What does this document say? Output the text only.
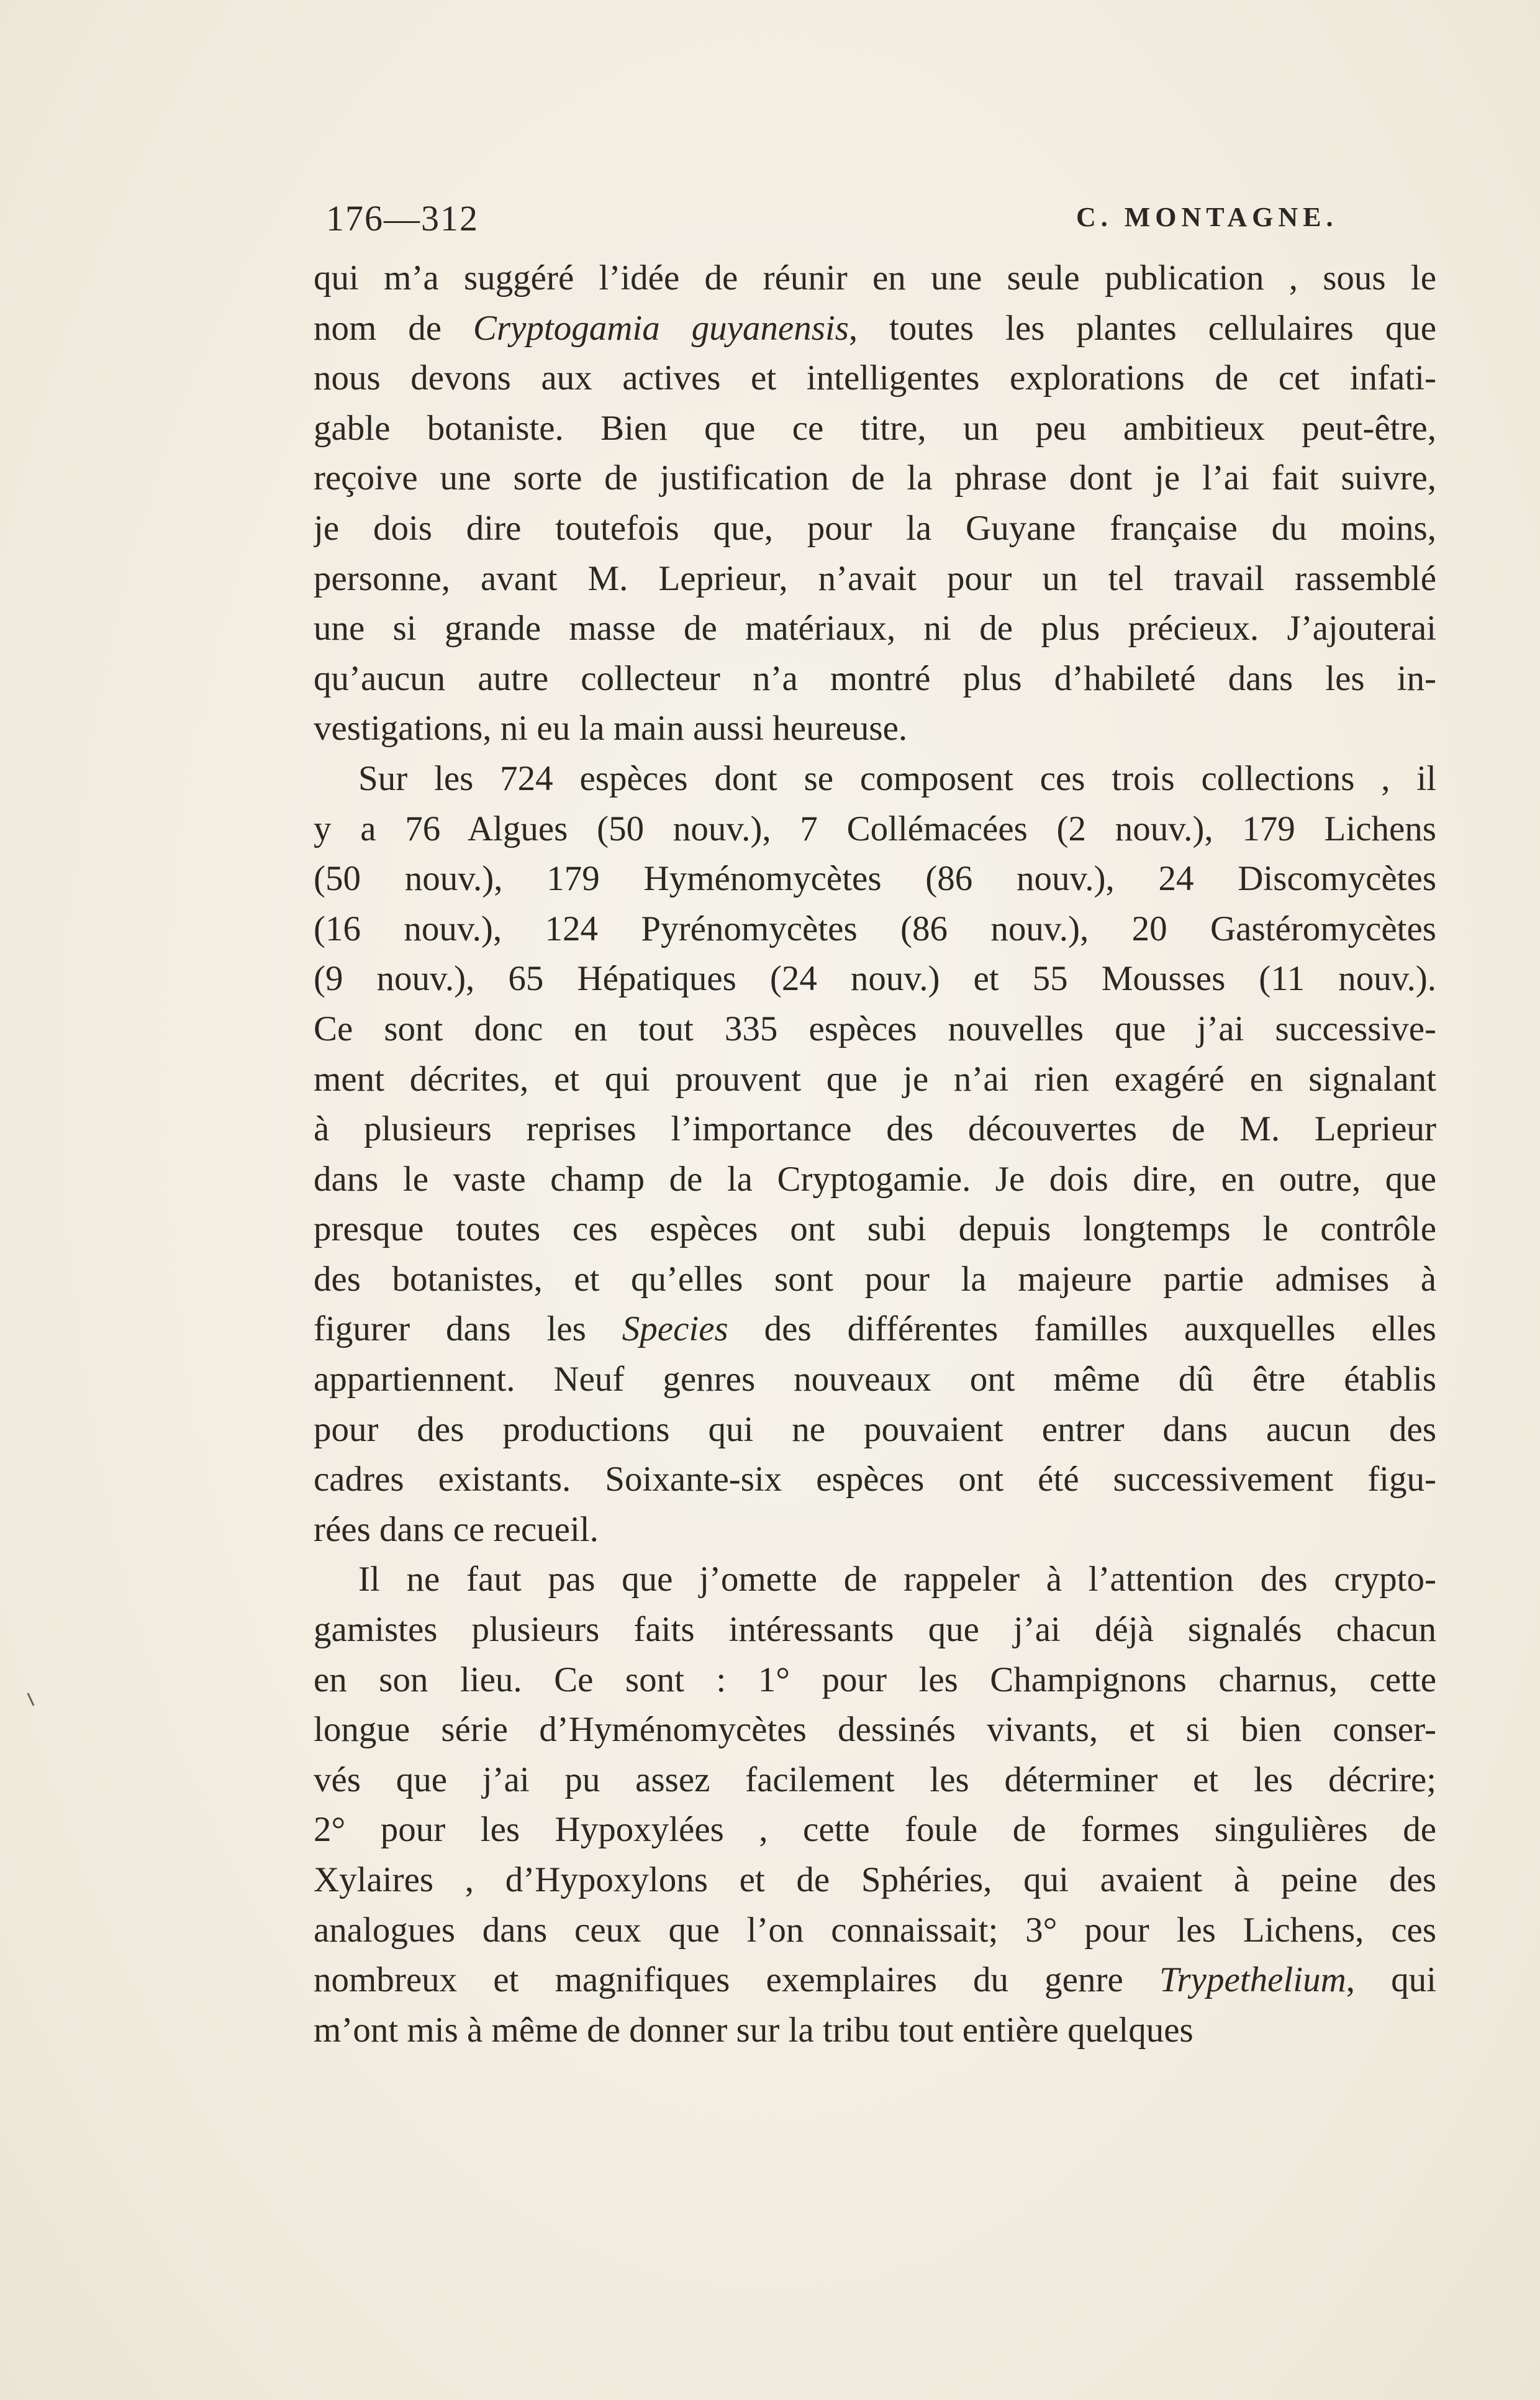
176—312	C. MONTAGNE.
qui m’a suggéré l’idée de réunir en une seule publication , sous le
nom de Cryptogamia guyanensis, toutes les plantes cellulaires que
nous devons aux actives et intelligentes explorations de cet infati-
gable botaniste. Bien que ce titre, un peu ambitieux peut-être,
reçoive une sorte de justification de la phrase dont je l’ai fait suivre,
je dois dire toutefois que, pour la Guyane française du moins,
personne, avant M. Leprieur, n’avait pour un tel travail rassemblé
une si grande masse de matériaux, ni de plus précieux. J’ajouterai
qu’aucun autre collecteur n’a montré plus d’habileté dans les in-
vestigations, ni eu la main aussi heureuse.
Sur les 724 espèces dont se composent ces trois collections , il
y a 76 Algues (50 nouv.), 7 Collémacées (2 nouv.), 179 Lichens
(50 nouv.), 179 Hyménomycètes (86 nouv.), 24 Discomycètes
(16 nouv.), 124 Pyrénomycètes (86 nouv.), 20 Gastéromycètes
(9 nouv.), 65 Hépatiques (24 nouv.) et 55 Mousses (11 nouv.).
Ce sont donc en tout 335 espèces nouvelles que j’ai successive-
ment décrites, et qui prouvent que je n’ai rien exagéré en signalant
à plusieurs reprises l’importance des découvertes de M. Leprieur
dans le vaste champ de la Cryptogamie. Je dois dire, en outre, que
presque toutes ces espèces ont subi depuis longtemps le contrôle
des botanistes, et qu’elles sont pour la majeure partie admises à
figurer dans les Species des différentes familles auxquelles elles
appartiennent. Neuf genres nouveaux ont même dû être établis
pour des productions qui ne pouvaient entrer dans aucun des
cadres existants. Soixante-six espèces ont été successivement figu-
rées dans ce recueil.
Il ne faut pas que j’omette de rappeler à l’attention des crypto-
gamistes plusieurs faits intéressants que j’ai déjà signalés chacun
en son lieu. Ce sont : 1° pour les Champignons charnus, cette
longue série d’Hyménomycètes dessinés vivants, et si bien conser-
vés que j’ai pu assez facilement les déterminer et les décrire;
2° pour les Hypoxylées , cette foule de formes singulières de
Xylaires , d’Hypoxylons et de Sphéries, qui avaient à peine des
analogues dans ceux que l’on connaissait; 3° pour les Lichens, ces
nombreux et magnifiques exemplaires du genre Trypethelium, qui
m’ont mis à même de donner sur la tribu tout entière quelques
